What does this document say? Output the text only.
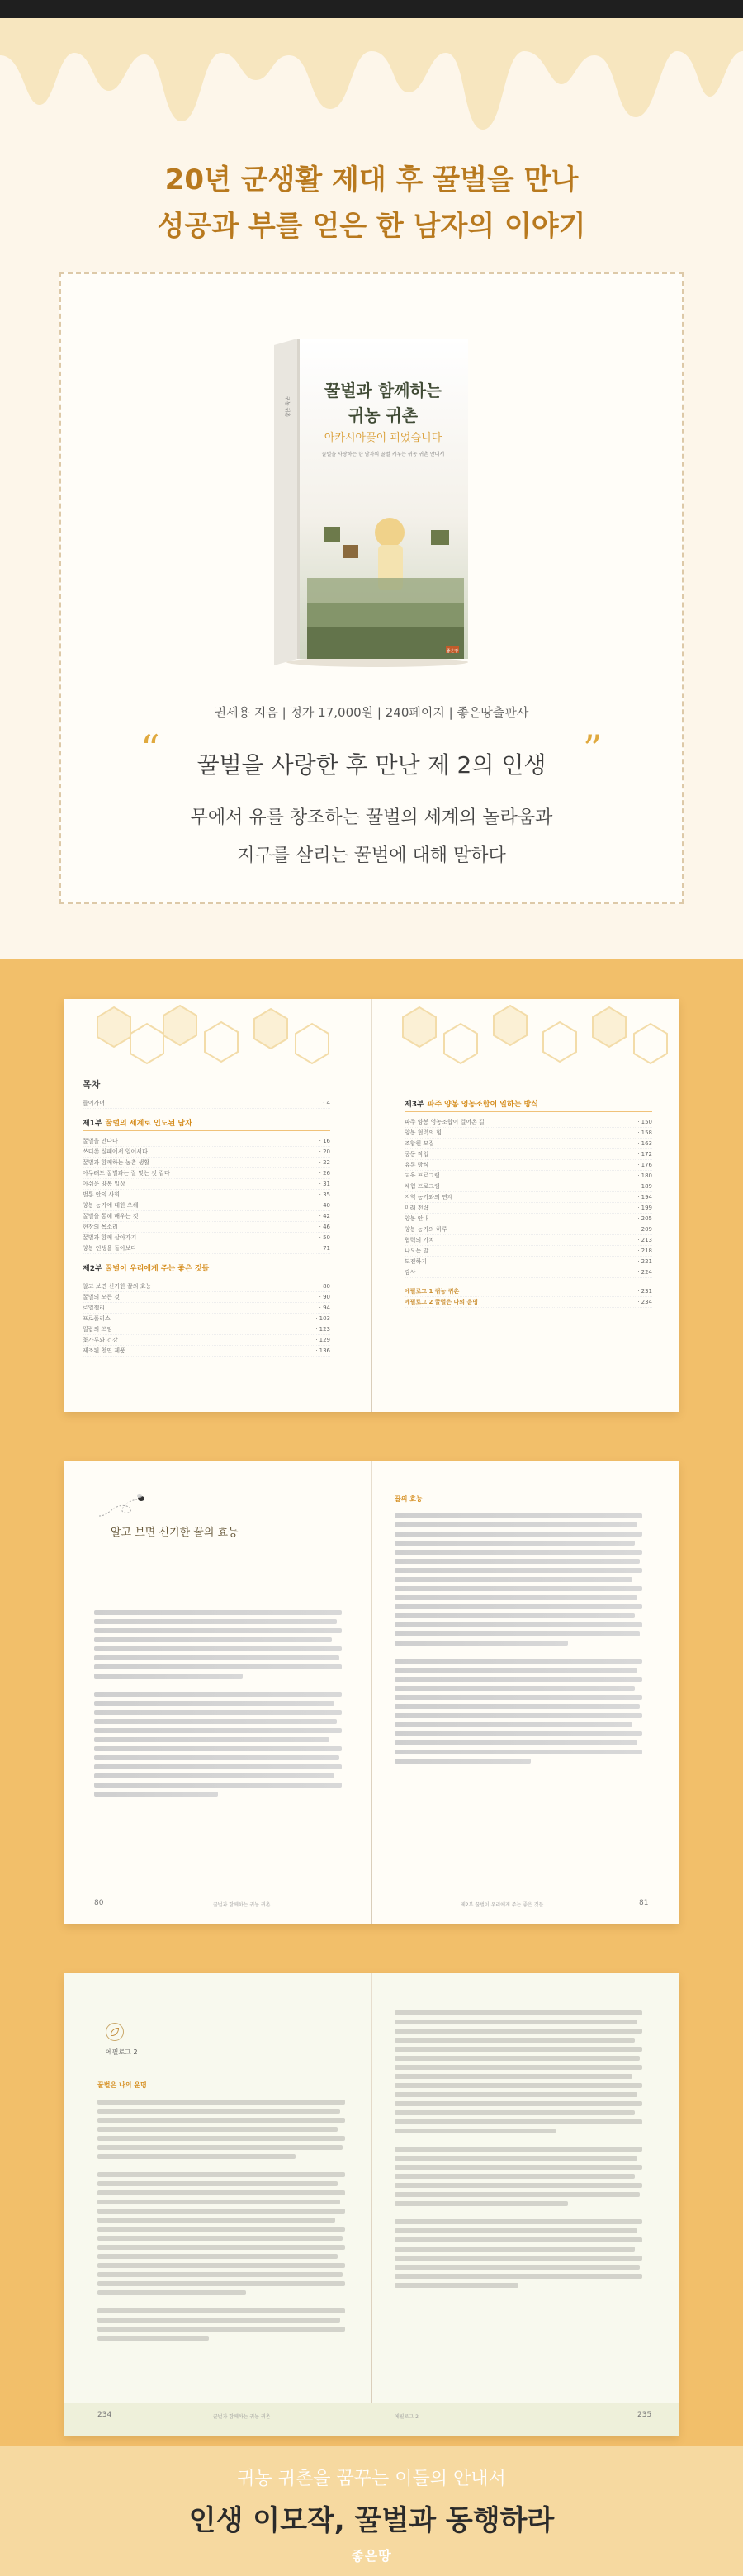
20년 군생활 제대 후 꿀벌을 만나
성공과 부를 얻은 한 남자의 이야기
귀농 귀촌
꿀벌과 함께하는
귀농 귀촌
아카시아꽃이 피었습니다
꿀벌을 사랑하는 한 남자의 꿀벌 키우는 귀농 귀촌 안내서
좋은땅
권세용 지음 | 정가 17,000원 | 240페이지 | 좋은땅출판사
“	꿀벌을 사랑한 후 만난 제 2의 인생 ”
무에서 유를 창조하는 꿀벌의 세계의 놀라움과
지구를 살리는 꿀벌에 대해 말하다
목차
들어가며	· 4
제1부 꿀벌의 세계로 인도된 남자
꿀벌을 만나다	· 16
쓰디쓴 실패에서 일어서다	· 20
꿀벌과 함께하는 농촌 생활	· 22
아무래도 꿀벌과는 잘 맞는 것 같다	· 26
아쉬운 양봉 일상	· 31
벌통 안의 사회	· 35
양봉 농가에 대한 오해	· 40
꿀벌을 통해 배우는 것	· 42
현장의 목소리	· 46
꿀벌과 함께 살아가기	· 50
양봉 인생을 돌아보다	· 71
제2부 꿀벌이 우리에게 주는 좋은 것들
알고 보면 신기한 꿀의 효능	· 80
꿀벌의 모든 것	· 90
로열젤리	· 94
프로폴리스	· 103
밀랍의 쓰임	· 123
꽃가루와 건강	· 129
제조된 천연 제품	· 136
제3부 파주 양봉 영농조합이 일하는 방식
파주 양봉 영농조합이 걸어온 길	· 150
양봉 협력의 힘	· 158
조합원 모집	· 163
공동 작업	· 172
유통 방식	· 176
교육 프로그램	· 180
체험 프로그램	· 189
지역 농가와의 연계	· 194
미래 전략	· 199
양봉 안내	· 205
양봉 농가의 하루	· 209
협력의 가치	· 213
나오는 말	· 218
도전하기	· 221
감사	· 224
에필로그 1 귀농 귀촌	· 231
에필로그 2 꿀벌은 나의 운명	· 234
알고 보면 신기한 꿀의 효능
80	꿀벌과 함께하는 귀농 귀촌
꿀의 효능
제2부 꿀벌이 우리에게 주는 좋은 것들	81
에필로그 2
꿀벌은 나의 운명
234	꿀벌과 함께하는 귀농 귀촌	에필로그 2	235
귀농 귀촌을 꿈꾸는 이들의 안내서
인생 이모작, 꿀벌과 동행하라
좋은땅
